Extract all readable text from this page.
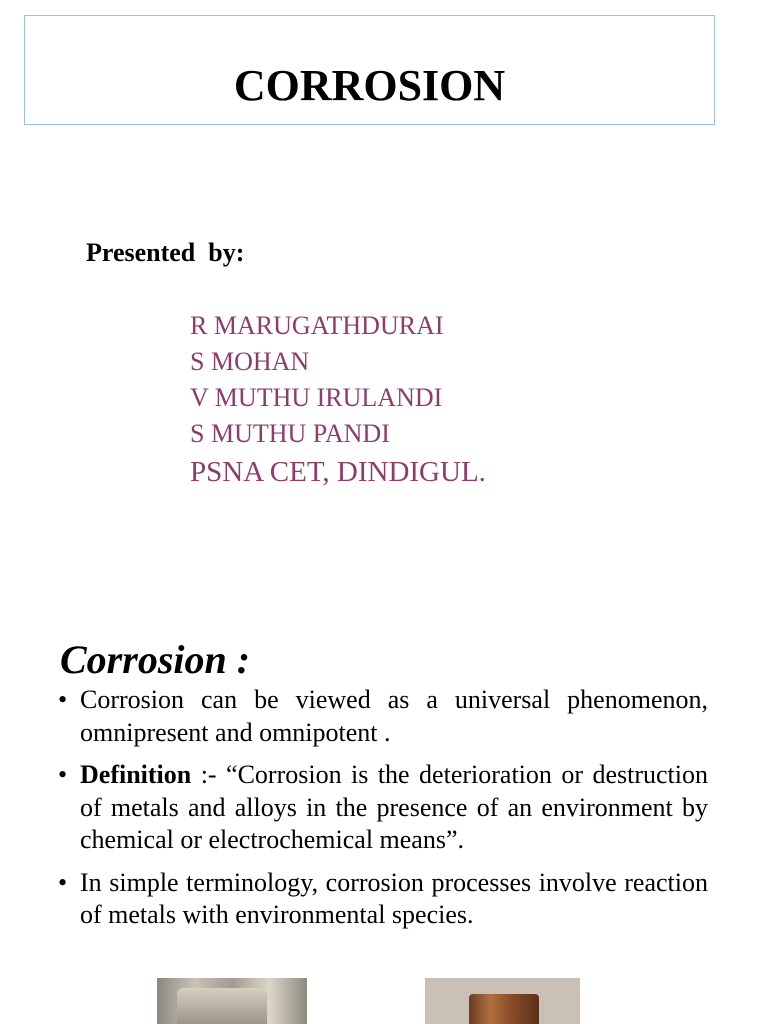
CORROSION
Presented  by:
R MARUGATHDURAI
S MOHAN
V MUTHU IRULANDI
S MUTHU PANDI
PSNA CET, DINDIGUL.
Corrosion :
• Corrosion can be viewed as a universal phenomenon, omnipresent and omnipotent .
• Definition :- “Corrosion is the deterioration or destruction of metals and alloys in the presence of an environment by chemical or electrochemical means”.
• In simple terminology, corrosion processes involve reaction of metals with environmental species.
